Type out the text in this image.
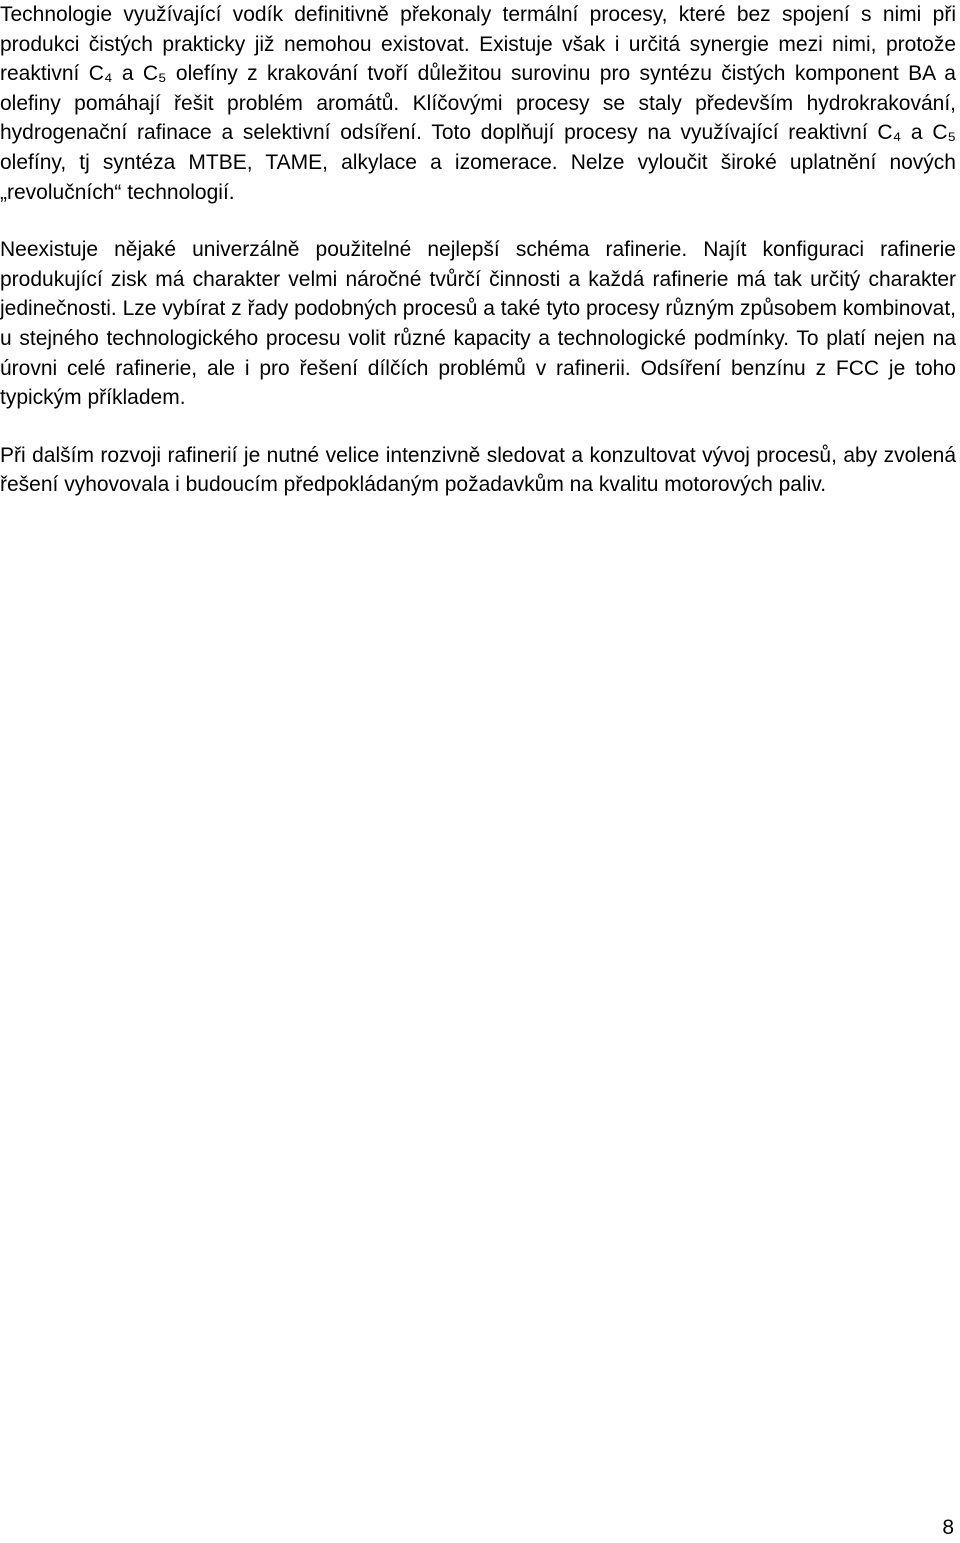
Technologie využívající vodík definitivně překonaly termální procesy, které bez spojení s nimi při produkci čistých prakticky již nemohou existovat. Existuje však i určitá synergie mezi nimi, protože reaktivní C₄ a C₅ olefíny z krakování tvoří důležitou surovinu pro syntézu čistých komponent BA a olefiny pomáhají řešit problém aromátů. Klíčovými procesy se staly především hydrokrakování, hydrogenační rafinace a selektivní odsíření. Toto doplňují procesy na využívající reaktivní C₄ a C₅ olefíny, tj syntéza MTBE, TAME, alkylace a izomerace. Nelze vyloučit široké uplatnění nových „revolučních“ technologií.

Neexistuje nějaké univerzálně použitelné nejlepší schéma rafinerie. Najít konfiguraci rafinerie produkující zisk má charakter velmi náročné tvůrčí činnosti a každá rafinerie má tak určitý charakter jedinečnosti. Lze vybírat z řady podobných procesů a také tyto procesy různým způsobem kombinovat, u stejného technologického procesu volit různé kapacity a technologické podmínky. To platí nejen na úrovni celé rafinerie, ale i pro řešení dílčích problémů v rafinerii. Odsíření benzínu z FCC je toho typickým příkladem.

Při dalším rozvoji rafinerií je nutné velice intenzivně sledovat a konzultovat vývoj procesů, aby zvolená řešení vyhovovala i budoucím předpokládaným požadavkům na kvalitu motorových paliv.

8
